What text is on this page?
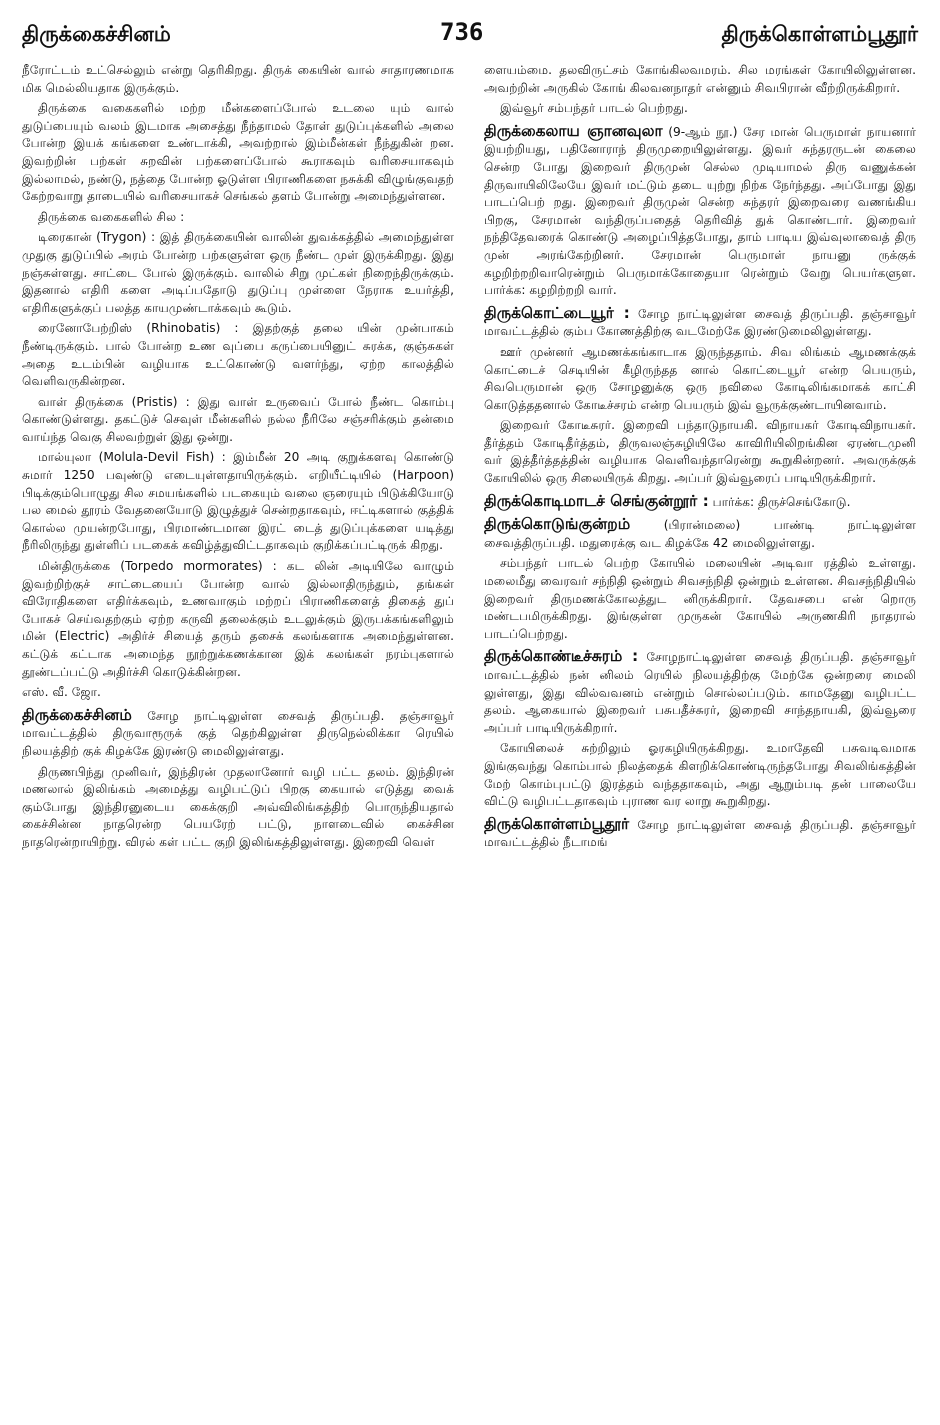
திருக்கைச்சினம்	736	திருக்கொள்ளம்பூதூர்

நீரோட்டம் உட்செல்லும் என்று தெரிகிறது. திருக் கையின் வால் சாதாரணமாக மிக மெல்லியதாக இருக்கும்.

திருக்கை வகைகளில் மற்ற மீன்களைப்போல் உடலை யும் வால் துடுப்பையும் வலம் இடமாக அசைத்து நீந்தாமல் தோள் துடுப்புக்களில் அலை போன்ற இயக் கங்களை உண்டாக்கி, அவற்றால் இம்மீன்கள் நீந்துகின் றன. இவற்றின் பற்கள் சுறவின் பற்களைப்போல் கூராகவும் வரிசையாகவும் இல்லாமல், நண்டு, நத்தை போன்ற ஓடுள்ள பிராணிகளை நசுக்கி விழுங்குவதற் கேற்றவாறு தாடையில் வரிசையாகச் செங்கல் தளம் போன்று அமைந்துள்ளன.

திருக்கை வகைகளில் சில :

டிரைகான் (Trygon) : இத் திருக்கையின் வாலின் துவக்கத்தில் அமைந்துள்ள முதுகு துடுப்பில் அரம் போன்ற பற்களுள்ள ஒரு நீண்ட முள் இருக்கிறது. இது நஞ்சுள்ளது. சாட்டை போல் இருக்கும். வாலில் சிறு முட்கள் நிறைந்திருக்கும். இதனால் எதிரி களை அடிப்பதோடு துடுப்பு முள்ளை நேராக உயர்த்தி, எதிரிகளுக்குப் பலத்த காயமுண்டாக்கவும் கூடும்.

ரைனோபேற்றிஸ் (Rhinobatis) : இதற்குத் தலை யின் முன்பாகம் நீண்டிருக்கும். பால் போன்ற உண வுப்பை கருப்பையினுட் சுரக்க, குஞ்சுகள் அதை உடம்பின் வழியாக உட்கொண்டு வளர்ந்து, ஏற்ற காலத்தில் வெளிவருகின்றன.

வாள் திருக்கை (Pristis) : இது வாள் உருவைப் போல் நீண்ட கொம்பு கொண்டுள்ளது. தகட்டுச் செவுள் மீன்களில் நல்ல நீரிலே சஞ்சரிக்கும் தன்மை வாய்ந்த வெகு சிலவற்றுள் இது ஒன்று.

மால்யுலா (Molula-Devil Fish) : இம்மீன் 20 அடி குறுக்களவு கொண்டு சுமார் 1250 பவுண்டு எடையுள்ளதாயிருக்கும். எறியீட்டியில் (Harpoon) பிடிக்கும்பொழுது சில சமயங்களில் படகையும் வலை ஞரையும் பிடுக்கியோடு பல மைல் தூரம் வேதனையோடு இழுத்துச் சென்றதாகவும், ஈட்டிகளால் குத்திக் கொல்ல முயன்றபோது, பிரமாண்டமான இரட் டைத் துடுப்புக்களை யடித்து நீரிலிருந்து துள்ளிப் படகைக் கவிழ்த்துவிட்டதாகவும் குறிக்கப்பட்டிருக் கிறது.

மின்திருக்கை (Torpedo mormorates) : கட லின் அடியிலே வாழும் இவற்றிற்குச் சாட்டையைப் போன்ற வால் இல்லாதிருந்தும், தங்கள் விரோதிகளை எதிர்க்கவும், உணவாகும் மற்றப் பிராணிகளைத் திகைத் துப் போகச் செய்வதற்கும் ஏற்ற கருவி தலைக்கும் உடலுக்கும் இருபக்கங்களிலும் மின் (Electric) அதிர்ச் சியைத் தரும் தசைக் கலங்களாக அமைந்துள்ளன. கட்டுக் கட்டாக அமைந்த நூற்றுக்கணக்கான இக் கலங்கள் நரம்புகளால் தூண்டப்பட்டு அதிர்ச்சி கொடுக்கின்றன.

எஸ். வீ. ஜோ.

திருக்கைச்சினம் சோழ நாட்டிலுள்ள சைவத் திருப்பதி. தஞ்சாவூர் மாவட்டத்தில் திருவாரூருக் குத் தெற்கிலுள்ள திருநெல்லிக்கா ரெயில் நிலயத்திற் குக் கிழக்கே இரண்டு மைலிலுள்ளது.

திருணபிந்து முனிவர், இந்திரன் முதலானோர் வழி பட்ட தலம். இந்திரன் மணலால் இலிங்கம் அமைத்து வழிபட்டுப் பிறகு கையால் எடுத்து வைக் கும்போது இந்திரனுடைய கைக்குறி அவ்விலிங்கத்திற் பொருந்தியதால் கைச்சின்ன நாதரென்ற பெயரேற் பட்டு, நாளடைவில் கைச்சின நாதரென்றாயிற்று. விரல் கள் பட்ட குறி இலிங்கத்திலுள்ளது. இறைவி வெள்

ளையம்மை. தலவிருட்சம் கோங்கிலவமரம். சில மரங்கள் கோயிலிலுள்ளன. அவற்றின் அருகில் கோங் கிலவனநாதர் என்னும் சிவபிரான் வீற்றிருக்கிறார்.

இவ்வூர் சம்பந்தர் பாடல் பெற்றது.

திருக்கைலாய ஞானவுலா (9-ஆம் நூ.) சேர மான் பெருமாள் நாயனார் இயற்றியது, பதினோராந் திருமுறையிலுள்ளது. இவர் சுந்தரருடன் கைலை சென்ற போது இறைவர் திருமுன் செல்ல முடியாமல் திரு வணுக்கன் திருவாயிலிலேயே இவர் மட்டும் தடை யுற்று நிற்க நேர்ந்தது. அப்போது இது பாடப்பெற் றது. இறைவர் திருமுன் சென்ற சுந்தரர் இறைவரை வணங்கிய பிறகு, சேரமான் வந்திருப்பதைத் தெரிவித் துக் கொண்டார். இறைவர் நந்திதேவரைக் கொண்டு அழைப்பித்தபோது, தாம் பாடிய இவ்வுலாவைத் திரு முன் அரங்கேற்றினர். சேரமான் பெருமாள் நாயனு ருக்குக் கழறிற்றறிவாரென்றும் பெருமாக்கோதையா ரென்றும் வேறு பெயர்களுள. பார்க்க: கழறிற்றறி வார்.

திருக்கொட்டையூர் : சோழ நாட்டிலுள்ள சைவத் திருப்பதி. தஞ்சாவூர் மாவட்டத்தில் கும்ப கோணத்திற்கு வடமேற்கே இரண்டுமைலிலுள்ளது.

ஊர் முன்னர் ஆமணக்கங்காடாக இருந்ததாம். சிவ லிங்கம் ஆமணக்குக் கொட்டைச் செடியின் கீழிருந்தத னால் கொட்டையூர் என்ற பெயரும், சிவபெருமான் ஒரு சோழனுக்கு ஒரு நவிலை கோடிலிங்கமாகக் காட்சி கொடுத்ததனால் கோடீச்சரம் என்ற பெயரும் இவ் வூருக்குண்டாயினவாம்.

இறைவர் கோடீசுரர். இறைவி பந்தாடுநாயகி. விநாயகர் கோடிவிநாயகர். தீர்த்தம் கோடிதீர்த்தம், திருவலஞ்சுழியிலே காவிரியிலிறங்கின ஏரண்டமுனி வர் இத்தீர்த்தத்தின் வழியாக வெளிவந்தாரென்று கூறுகின்றனர். அவருக்குக் கோயிலில் ஒரு சிலையிருக் கிறது. அப்பர் இவ்வூரைப் பாடியிருக்கிறார்.

திருக்கொடிமாடச் செங்குன்றூர் : பார்க்க: திருச்செங்கோடு.

திருக்கொடுங்குன்றம் (பிரான்மலை) பாண்டி நாட்டிலுள்ள சைவத்திருப்பதி. மதுரைக்கு வட கிழக்கே 42 மைலிலுள்ளது.

சம்பந்தர் பாடல் பெற்ற கோயில் மலையின் அடிவா ரத்தில் உள்ளது. மலைமீது வைரவர் சந்நிதி ஒன்றும் சிவசந்நிதி ஒன்றும் உள்ளன. சிவசந்நிதியில் இறைவர் திருமணக்கோலத்துட னிருக்கிறார். தேவசபை என் றொரு மண்டபமிருக்கிறது. இங்குள்ள முருகன் கோயில் அருணகிரி நாதரால் பாடப்பெற்றது.

திருக்கொண்டீச்சுரம் : சோழநாட்டிலுள்ள சைவத் திருப்பதி. தஞ்சாவூர் மாவட்டத்தில் நன் னிலம் ரெயில் நிலயத்திற்கு மேற்கே ஒன்றரை மைலி லுள்ளது, இது வில்வவனம் என்றும் சொல்லப்படும். காமதேனு வழிபட்ட தலம். ஆகையால் இறைவர் பசுபதீச்சுரர், இறைவி சாந்தநாயகி, இவ்வூரை அப்பர் பாடியிருக்கிறார்.

கோயிலைச் சுற்றிலும் ஓரகழியிருக்கிறது. உமாதேவி பசுவடிவமாக இங்குவந்து கொம்பால் நிலத்தைக் கிளறிக்கொண்டிருந்தபோது சிவலிங்கத்தின் மேற் கொம்புபட்டு இரத்தம் வந்ததாகவும், அது ஆறும்படி தன் பாலையே விட்டு வழிபட்டதாகவும் புராண வர லாறு கூறுகிறது.

திருக்கொள்ளம்பூதூர் சோழ நாட்டிலுள்ள சைவத் திருப்பதி. தஞ்சாவூர் மாவட்டத்தில் நீடாமங்
